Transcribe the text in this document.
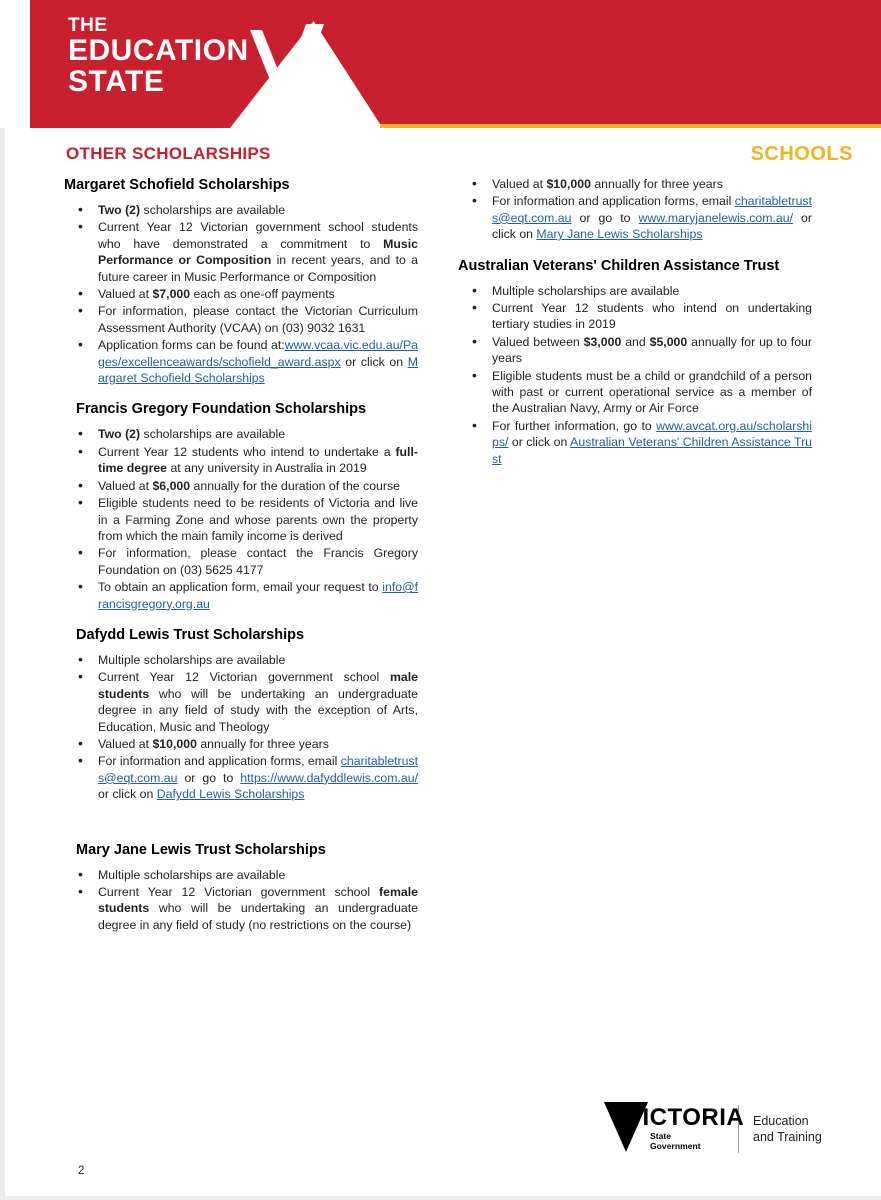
THE
EDUCATION
STATE
OTHER SCHOLARSHIPS	SCHOOLS
Margaret Schofield Scholarships
• Two (2) scholarships are available
• Current Year 12 Victorian government school students who have demonstrated a commitment to Music Performance or Composition in recent years, and to a future career in Music Performance or Composition
• Valued at $7,000 each as one-off payments
• For information, please contact the Victorian Curriculum Assessment Authority (VCAA) on (03) 9032 1631
• Application forms can be found at:www.vcaa.vic.edu.au/Pages/excellenceawards/schofield_award.aspx or click on Margaret Schofield Scholarships
Francis Gregory Foundation Scholarships
• Two (2) scholarships are available
• Current Year 12 students who intend to undertake a full-time degree at any university in Australia in 2019
• Valued at $6,000 annually for the duration of the course
• Eligible students need to be residents of Victoria and live in a Farming Zone and whose parents own the property from which the main family income is derived
• For information, please contact the Francis Gregory Foundation on (03) 5625 4177
• To obtain an application form, email your request to info@francisgregory.org.au
Dafydd Lewis Trust Scholarships
• Multiple scholarships are available
• Current Year 12 Victorian government school male students who will be undertaking an undergraduate degree in any field of study with the exception of Arts, Education, Music and Theology
• Valued at $10,000 annually for three years
• For information and application forms, email charitabletrusts@eqt.com.au or go to https://www.dafyddlewis.com.au/ or click on Dafydd Lewis Scholarships
Mary Jane Lewis Trust Scholarships
• Multiple scholarships are available
• Current Year 12 Victorian government school female students who will be undertaking an undergraduate degree in any field of study (no restrictions on the course)
• Valued at $10,000 annually for three years
• For information and application forms, email charitabletrusts@eqt.com.au or go to www.maryjanelewis.com.au/ or click on Mary Jane Lewis Scholarships
Australian Veterans' Children Assistance Trust
• Multiple scholarships are available
• Current Year 12 students who intend on undertaking tertiary studies in 2019
• Valued between $3,000 and $5,000 annually for up to four years
• Eligible students must be a child or grandchild of a person with past or current operational service as a member of the Australian Navy, Army or Air Force
• For further information, go to www.avcat.org.au/scholarships/ or click on Australian Veterans' Children Assistance Trust
2
VICTORIA
State
Government
Education
and Training
